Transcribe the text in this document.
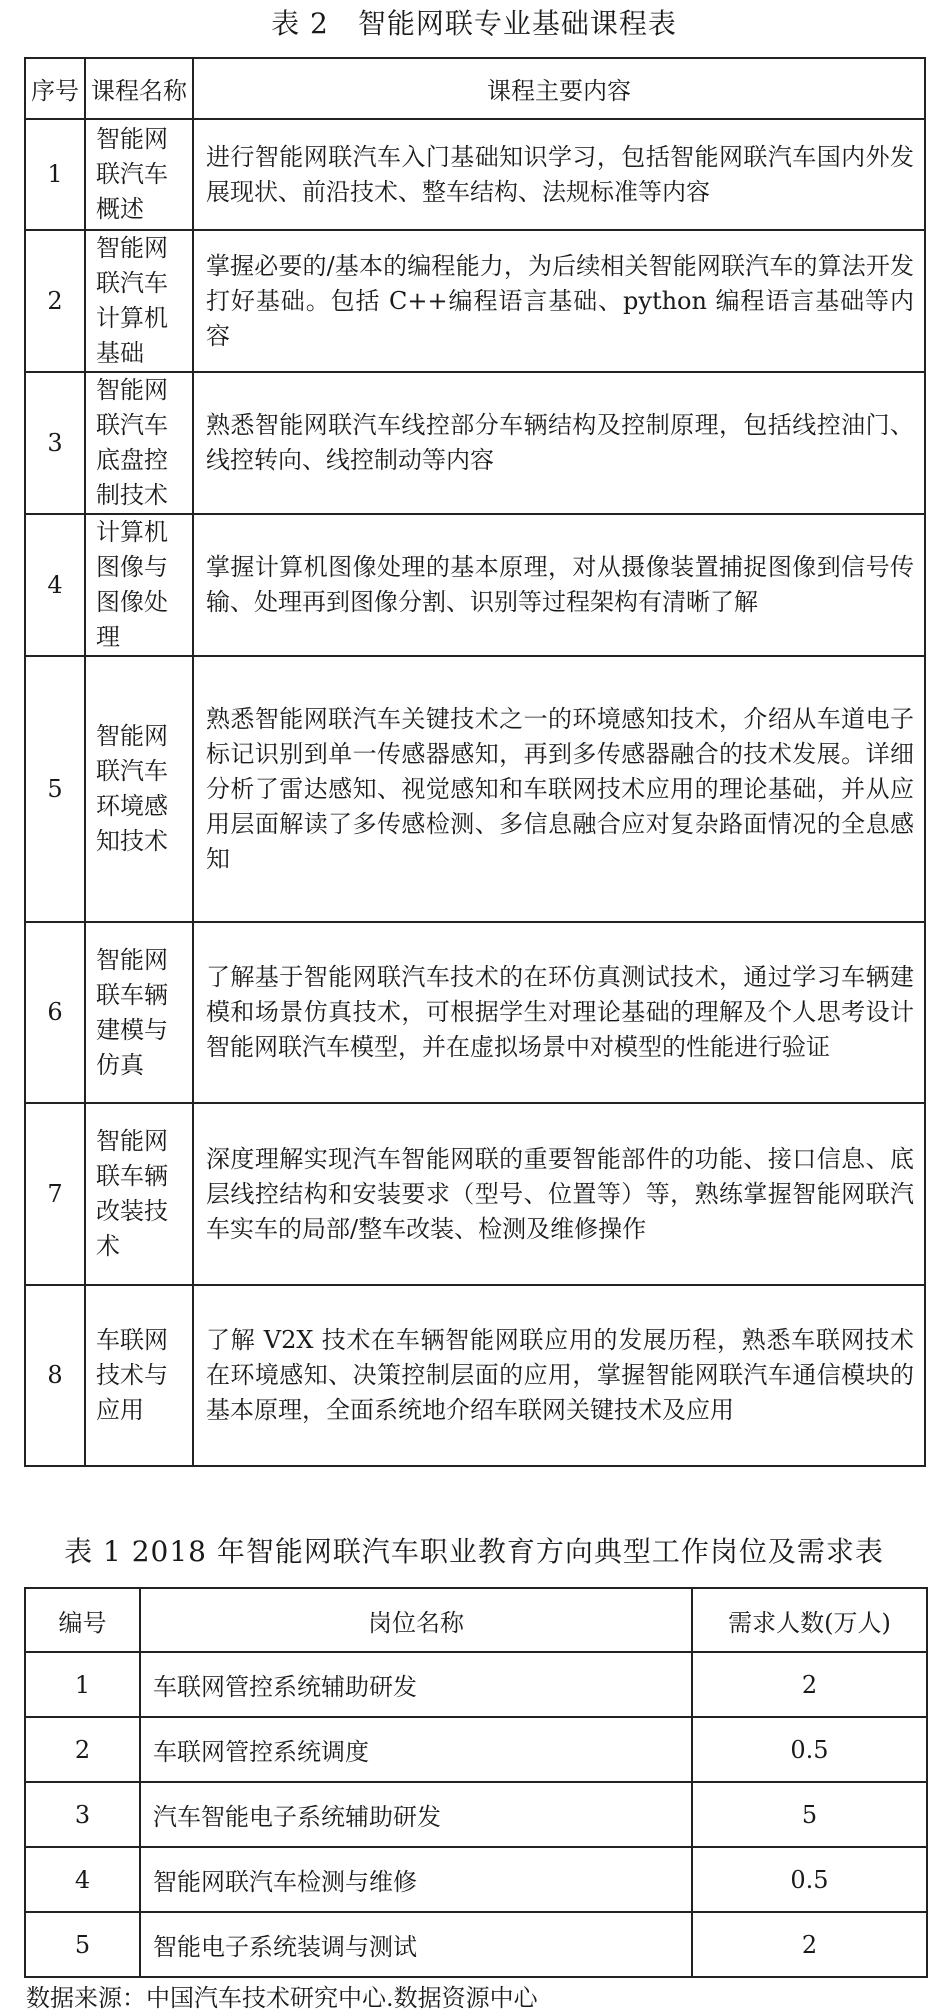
表 2　智能网联专业基础课程表
序号	课程名称	课程主要内容
1	智能网联汽车概述	进行智能网联汽车入门基础知识学习，包括智能网联汽车国内外发展现状、前沿技术、整车结构、法规标准等内容
2	智能网联汽车计算机基础	掌握必要的/基本的编程能力，为后续相关智能网联汽车的算法开发打好基础。包括 C++编程语言基础、python 编程语言基础等内容
3	智能网联汽车底盘控制技术	熟悉智能网联汽车线控部分车辆结构及控制原理，包括线控油门、线控转向、线控制动等内容
4	计算机图像与图像处理	掌握计算机图像处理的基本原理，对从摄像装置捕捉图像到信号传输、处理再到图像分割、识别等过程架构有清晰了解
5	智能网联汽车环境感知技术	熟悉智能网联汽车关键技术之一的环境感知技术，介绍从车道电子标记识别到单一传感器感知，再到多传感器融合的技术发展。详细分析了雷达感知、视觉感知和车联网技术应用的理论基础，并从应用层面解读了多传感检测、多信息融合应对复杂路面情况的全息感知
6	智能网联车辆建模与仿真	了解基于智能网联汽车技术的在环仿真测试技术，通过学习车辆建模和场景仿真技术，可根据学生对理论基础的理解及个人思考设计智能网联汽车模型，并在虚拟场景中对模型的性能进行验证
7	智能网联车辆改装技术	深度理解实现汽车智能网联的重要智能部件的功能、接口信息、底层线控结构和安装要求（型号、位置等）等，熟练掌握智能网联汽车实车的局部/整车改装、检测及维修操作
8	车联网技术与应用	了解 V2X 技术在车辆智能网联应用的发展历程，熟悉车联网技术在环境感知、决策控制层面的应用，掌握智能网联汽车通信模块的基本原理，全面系统地介绍车联网关键技术及应用
表 1 2018 年智能网联汽车职业教育方向典型工作岗位及需求表
编号	岗位名称	需求人数(万人)
1	车联网管控系统辅助研发	2
2	车联网管控系统调度	0.5
3	汽车智能电子系统辅助研发	5
4	智能网联汽车检测与维修	0.5
5	智能电子系统装调与测试	2
数据来源：中国汽车技术研究中心.数据资源中心
